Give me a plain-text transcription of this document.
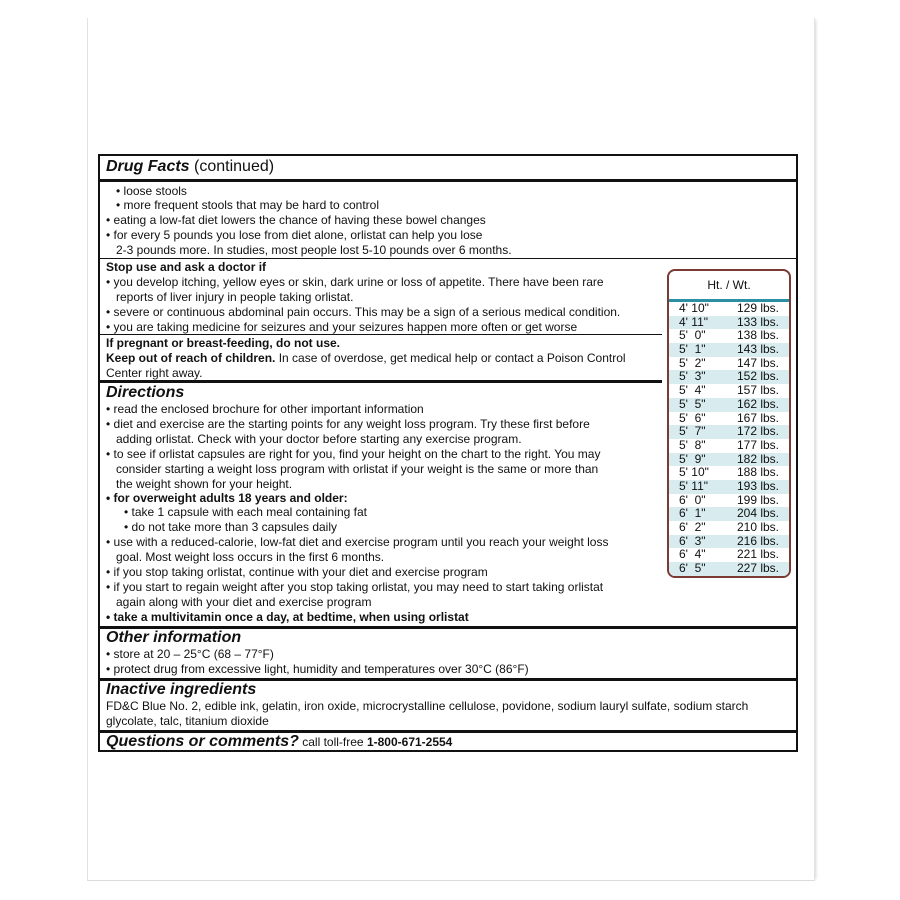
Drug Facts (continued)
• loose stools
• more frequent stools that may be hard to control
• eating a low-fat diet lowers the chance of having these bowel changes
• for every 5 pounds you lose from diet alone, orlistat can help you lose
2-3 pounds more. In studies, most people lost 5-10 pounds over 6 months.
Stop use and ask a doctor if
• you develop itching, yellow eyes or skin, dark urine or loss of appetite. There have been rare
reports of liver injury in people taking orlistat.
• severe or continuous abdominal pain occurs. This may be a sign of a serious medical condition.
• you are taking medicine for seizures and your seizures happen more often or get worse
If pregnant or breast-feeding, do not use.
Keep out of reach of children. In case of overdose, get medical help or contact a Poison Control
Center right away.
Directions
• read the enclosed brochure for other important information
• diet and exercise are the starting points for any weight loss program. Try these first before
adding orlistat. Check with your doctor before starting any exercise program.
• to see if orlistat capsules are right for you, find your height on the chart to the right. You may
consider starting a weight loss program with orlistat if your weight is the same or more than
the weight shown for your height.
• for overweight adults 18 years and older:
• take 1 capsule with each meal containing fat
• do not take more than 3 capsules daily
• use with a reduced-calorie, low-fat diet and exercise program until you reach your weight loss
goal. Most weight loss occurs in the first 6 months.
• if you stop taking orlistat, continue with your diet and exercise program
• if you start to regain weight after you stop taking orlistat, you may need to start taking orlistat
again along with your diet and exercise program
• take a multivitamin once a day, at bedtime, when using orlistat
Other information
• store at 20 – 25°C (68 – 77°F)
• protect drug from excessive light, humidity and temperatures over 30°C (86°F)
Inactive ingredients
FD&C Blue No. 2, edible ink, gelatin, iron oxide, microcrystalline cellulose, povidone, sodium lauryl sulfate, sodium starch
glycolate, talc, titanium dioxide
Questions or comments? call toll-free 1-800-671-2554
Ht. / Wt.
4' 10" 129 lbs.
4' 11" 133 lbs.
5'  0"	138 lbs.
5'  1"	143 lbs.
5'  2"	147 lbs.
5'  3"	152 lbs.
5'  4"	157 lbs.
5'  5"	162 lbs.
5'  6"	167 lbs.
5'  7"	172 lbs.
5'  8"	177 lbs.
5'  9"	182 lbs.
5' 10" 188 lbs.
5' 11" 193 lbs.
6'  0"	199 lbs.
6'  1"	204 lbs.
6'  2"	210 lbs.
6'  3"	216 lbs.
6'  4"	221 lbs.
6'  5"	227 lbs.
